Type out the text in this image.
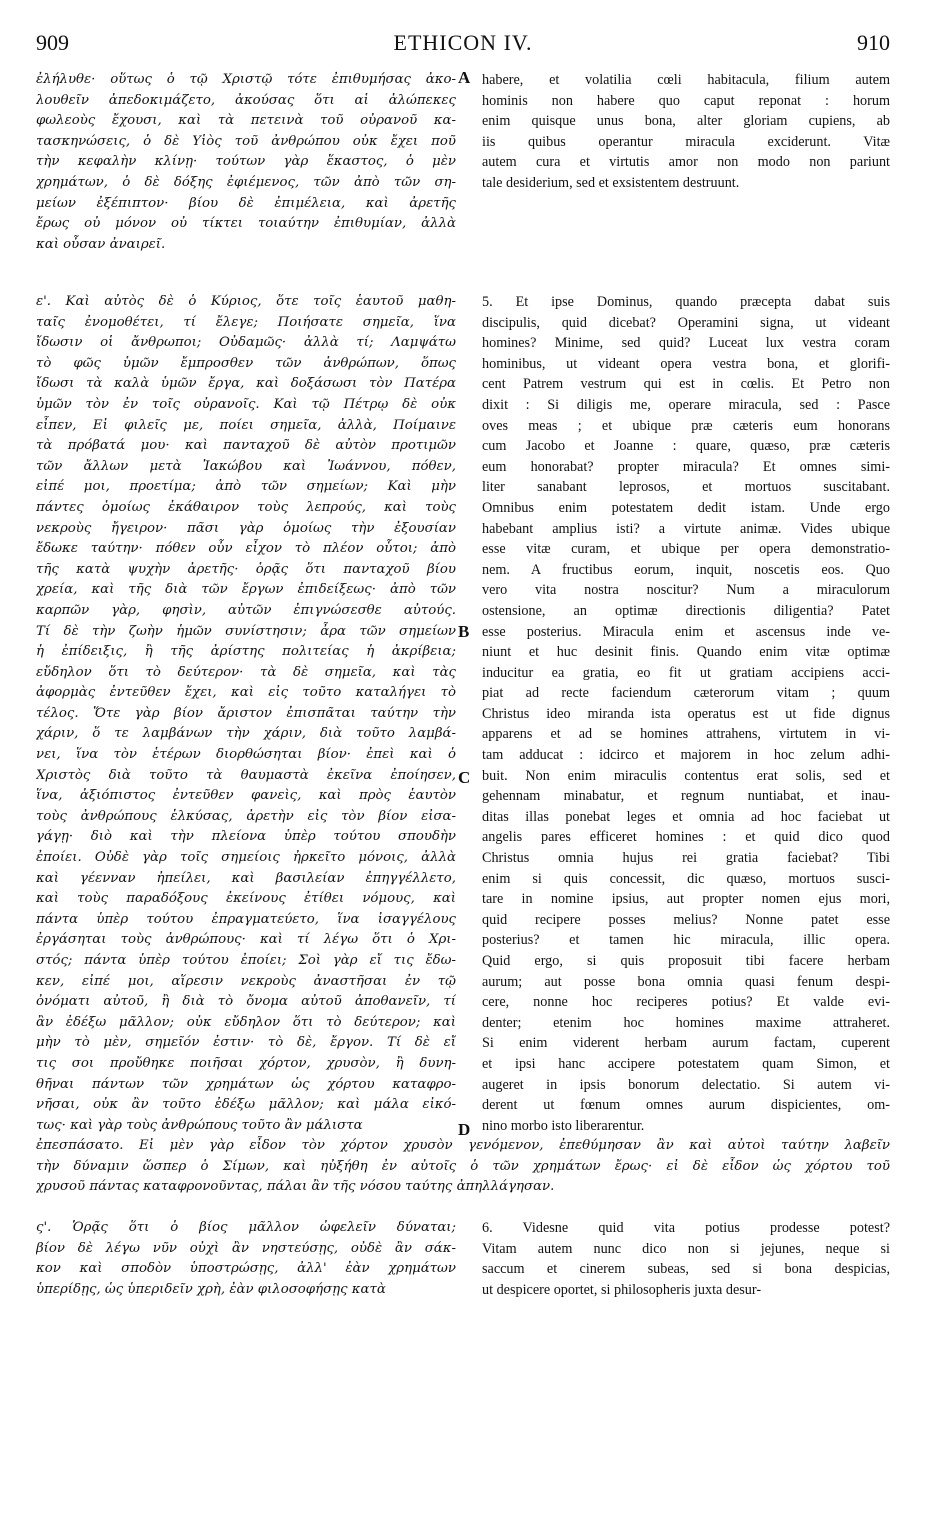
909	ETHICON IV.	910
A
B
C
D
ἐλήλυθε· οὕτως ὁ τῷ Χριστῷ τότε ἐπιθυμήσας ἀκο-
λουθεῖν ἀπεδοκιμάζετο, ἀκούσας ὅτι αἱ ἀλώπεκες
φωλεοὺς ἔχουσι, καὶ τὰ πετεινὰ τοῦ οὐρανοῦ κα-
τασκηνώσεις, ὁ δὲ Υἱὸς τοῦ ἀνθρώπου οὐκ ἔχει ποῦ
τὴν κεφαλὴν κλίνῃ· τούτων γὰρ ἕκαστος, ὁ μὲν
χρημάτων, ὁ δὲ δόξης ἐφιέμενος, τῶν ἀπὸ τῶν ση-
μείων ἐξέπιπτον· βίου δὲ ἐπιμέλεια, καὶ ἀρετῆς
ἔρως οὐ μόνον οὐ τίκτει τοιαύτην ἐπιθυμίαν, ἀλλὰ
καὶ οὖσαν ἀναιρεῖ.
habere, et volatilia cœli habitacula, filium autem
hominis non habere quo caput reponat : horum
enim quisque unus bona, alter gloriam cupiens, ab
iis quibus operantur miracula exciderunt. Vitæ
autem cura et virtutis amor non modo non pariunt
tale desiderium, sed et exsistentem destruunt.
ε'. Καὶ αὐτὸς δὲ ὁ Κύριος, ὅτε τοῖς ἑαυτοῦ μαθη-
ταῖς ἐνομοθέτει, τί ἔλεγε; Ποιήσατε σημεῖα, ἵνα
ἴδωσιν οἱ ἄνθρωποι; Οὐδαμῶς· ἀλλὰ τί; Λαμψάτω
τὸ φῶς ὑμῶν ἔμπροσθεν τῶν ἀνθρώπων, ὅπως
ἴδωσι τὰ καλὰ ὑμῶν ἔργα, καὶ δοξάσωσι τὸν Πατέρα
ὑμῶν τὸν ἐν τοῖς οὐρανοῖς. Καὶ τῷ Πέτρῳ δὲ οὐκ
εἶπεν, Εἰ φιλεῖς με, ποίει σημεῖα, ἀλλὰ, Ποίμαινε
τὰ πρόβατά μου· καὶ πανταχοῦ δὲ αὐτὸν προτιμῶν
τῶν ἄλλων μετὰ Ἰακώβου καὶ Ἰωάννου, πόθεν,
εἰπέ μοι, προετίμα; ἀπὸ τῶν σημείων; Καὶ μὴν
πάντες ὁμοίως ἐκάθαιρον τοὺς λεπρούς, καὶ τοὺς
νεκροὺς ἤγειρον· πᾶσι γὰρ ὁμοίως τὴν ἐξουσίαν
ἔδωκε ταύτην· πόθεν οὖν εἶχον τὸ πλέον οὗτοι; ἀπὸ
τῆς κατὰ ψυχὴν ἀρετῆς· ὁρᾷς ὅτι πανταχοῦ βίου
χρεία, καὶ τῆς διὰ τῶν ἔργων ἐπιδείξεως· ἀπὸ τῶν
καρπῶν γὰρ, φησὶν, αὐτῶν ἐπιγνώσεσθε αὐτούς.
Τί δὲ τὴν ζωὴν ἡμῶν συνίστησιν; ἆρα τῶν σημείων
ἡ ἐπίδειξις, ἢ τῆς ἀρίστης πολιτείας ἡ ἀκρίβεια;
εὔδηλον ὅτι τὸ δεύτερον· τὰ δὲ σημεῖα, καὶ τὰς
ἀφορμὰς ἐντεῦθεν ἔχει, καὶ εἰς τοῦτο καταλήγει τὸ
τέλος. Ὅτε γὰρ βίον ἄριστον ἐπισπᾶται ταύτην τὴν
χάριν, ὅ τε λαμβάνων τὴν χάριν, διὰ τοῦτο λαμβά-
νει, ἵνα τὸν ἑτέρων διορθώσηται βίον· ἐπεὶ καὶ ὁ
Χριστὸς διὰ τοῦτο τὰ θαυμαστὰ ἐκεῖνα ἐποίησεν,
ἵνα, ἀξιόπιστος ἐντεῦθεν φανεὶς, καὶ πρὸς ἑαυτὸν
τοὺς ἀνθρώπους ἑλκύσας, ἀρετὴν εἰς τὸν βίον εἰσα-
γάγῃ· διὸ καὶ τὴν πλείονα ὑπὲρ τούτου σπουδὴν
ἐποίει. Οὐδὲ γὰρ τοῖς σημείοις ἠρκεῖτο μόνοις, ἀλλὰ
καὶ γέενναν ἠπείλει, καὶ βασιλείαν ἐπηγγέλλετο,
καὶ τοὺς παραδόξους ἐκείνους ἐτίθει νόμους, καὶ
πάντα ὑπὲρ τούτου ἐπραγματεύετο, ἵνα ἰσαγγέλους
ἐργάσηται τοὺς ἀνθρώπους· καὶ τί λέγω ὅτι ὁ Χρι-
στός; πάντα ὑπὲρ τούτου ἐποίει; Σοὶ γὰρ εἴ τις ἔδω-
κεν, εἰπέ μοι, αἵρεσιν νεκροὺς ἀναστῆσαι ἐν τῷ
ὀνόματι αὐτοῦ, ἢ διὰ τὸ ὄνομα αὐτοῦ ἀποθανεῖν, τί
ἂν ἐδέξω μᾶλλον; οὐκ εὔδηλον ὅτι τὸ δεύτερον; καὶ
μὴν τὸ μὲν, σημεῖόν ἐστιν· τὸ δὲ, ἔργον. Τί δὲ εἴ
τις σοι προὔθηκε ποιῆσαι χόρτον, χρυσὸν, ἢ δυνη-
θῆναι πάντων τῶν χρημάτων ὡς χόρτου καταφρο-
νῆσαι, οὐκ ἂν τοῦτο ἐδέξω μᾶλλον; καὶ μάλα εἰκό-
τως· καὶ γὰρ τοὺς ἀνθρώπους τοῦτο ἂν μάλιστα
5. Et ipse Dominus, quando præcepta dabat suis
discipulis, quid dicebat? Operamini signa, ut videant
homines? Minime, sed quid? Luceat lux vestra coram
hominibus, ut videant opera vestra bona, et glorifi-
cent Patrem vestrum qui est in cœlis. Et Petro non
dixit : Si diligis me, operare miracula, sed : Pasce
oves meas ; et ubique præ cæteris eum honorans
cum Jacobo et Joanne : quare, quæso, præ cæteris
eum honorabat? propter miracula? Et omnes simi-
liter sanabant leprosos, et mortuos suscitabant.
Omnibus enim potestatem dedit istam. Unde ergo
habebant amplius isti? a virtute animæ. Vides ubique
esse vitæ curam, et ubique per opera demonstratio-
nem. A fructibus eorum, inquit, noscetis eos. Quo
vero vita nostra noscitur? Num a miraculorum
ostensione, an optimæ directionis diligentia? Patet
esse posterius. Miracula enim et ascensus inde ve-
niunt et huc desinit finis. Quando enim vitæ optimæ
inducitur ea gratia, eo fit ut gratiam accipiens acci-
piat ad recte faciendum cæterorum vitam ; quum
Christus ideo miranda ista operatus est ut fide dignus
apparens et ad se homines attrahens, virtutem in vi-
tam adducat : idcirco et majorem in hoc zelum adhi-
buit. Non enim miraculis contentus erat solis, sed et
gehennam minabatur, et regnum nuntiabat, et inau-
ditas illas ponebat leges et omnia ad hoc faciebat ut
angelis pares efficeret homines : et quid dico quod
Christus omnia hujus rei gratia faciebat? Tibi
enim si quis concessit, dic quæso, mortuos susci-
tare in nomine ipsius, aut propter nomen ejus mori,
quid recipere posses melius? Nonne patet esse
posterius? et tamen hic miracula, illic opera.
Quid ergo, si quis proposuit tibi facere herbam
aurum; aut posse bona omnia quasi fenum despi-
cere, nonne hoc reciperes potius? Et valde evi-
denter; etenim hoc homines maxime attraheret.
Si enim viderent herbam aurum factam, cuperent
et ipsi hanc accipere potestatem quam Simon, et
augeret in ipsis bonorum delectatio. Si autem vi-
derent ut fœnum omnes aurum dispicientes, om-
nino morbo isto liberarentur.
ἐπεσπάσατο. Εἰ μὲν γὰρ εἶδον τὸν χόρτον χρυσὸν γενόμενον, ἐπεθύμησαν ἂν καὶ αὐτοὶ ταύτην λαβεῖν
τὴν δύναμιν ὥσπερ ὁ Σίμων, καὶ ηὐξήθη ἐν αὐτοῖς ὁ τῶν χρημάτων ἔρως· εἰ δὲ εἶδον ὡς χόρτου τοῦ
χρυσοῦ πάντας καταφρονοῦντας, πάλαι ἂν τῆς νόσου ταύτης ἀπηλλάγησαν.
ς'. Ὁρᾷς ὅτι ὁ βίος μᾶλλον ὠφελεῖν δύναται;
βίον δὲ λέγω νῦν οὐχὶ ἂν νηστεύσῃς, οὐδὲ ἂν σάκ-
κον καὶ σποδὸν ὑποστρώσῃς, ἀλλ' ἐὰν χρημάτων
ὑπερίδῃς, ὡς ὑπεριδεῖν χρὴ, ἐὰν φιλοσοφήσῃς κατὰ
6. Videsne quid vita potius prodesse potest?
Vitam autem nunc dico non si jejunes, neque si
saccum et cinerem subeas, sed si bona despicias,
ut despicere oportet, si philosopheris juxta desur-
